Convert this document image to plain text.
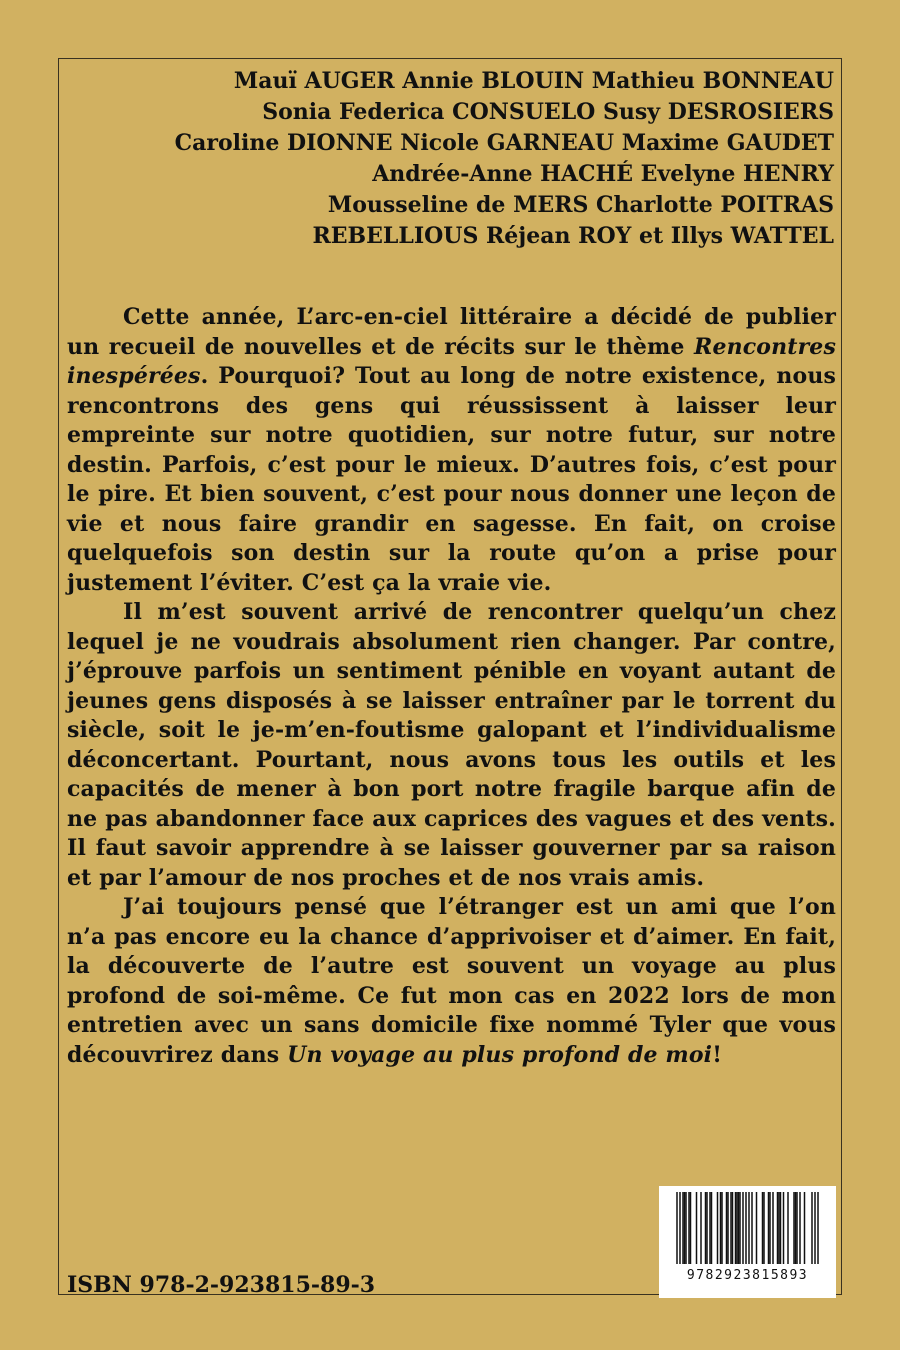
Mauï AUGER Annie BLOUIN Mathieu BONNEAU
Sonia Federica CONSUELO Susy DESROSIERS
Caroline DIONNE Nicole GARNEAU Maxime GAUDET
Andrée-Anne HACHÉ Evelyne HENRY
Mousseline de MERS Charlotte POITRAS
REBELLIOUS Réjean ROY et Illys WATTEL

Cette année, L’arc-en-ciel littéraire a décidé de publier un recueil de nouvelles et de récits sur le thème Rencontres inespérées. Pourquoi? Tout au long de notre existence, nous rencontrons des gens qui réussissent à laisser leur empreinte sur notre quotidien, sur notre futur, sur notre destin. Parfois, c’est pour le mieux. D’autres fois, c’est pour le pire. Et bien souvent, c’est pour nous donner une leçon de vie et nous faire grandir en sagesse. En fait, on croise quelquefois son destin sur la route qu’on a prise pour justement l’éviter. C’est ça la vraie vie.

Il m’est souvent arrivé de rencontrer quelqu’un chez lequel je ne voudrais absolument rien changer. Par contre, j’éprouve parfois un sentiment pénible en voyant autant de jeunes gens disposés à se laisser entraîner par le torrent du siècle, soit le je-m’en-foutisme galopant et l’individualisme déconcertant. Pourtant, nous avons tous les outils et les capacités de mener à bon port notre fragile barque afin de ne pas abandonner face aux caprices des vagues et des vents. Il faut savoir apprendre à se laisser gouverner par sa raison et par l’amour de nos proches et de nos vrais amis.

J’ai toujours pensé que l’étranger est un ami que l’on n’a pas encore eu la chance d’apprivoiser et d’aimer. En fait, la découverte de l’autre est souvent un voyage au plus profond de soi-même. Ce fut mon cas en 2022 lors de mon entretien avec un sans domicile fixe nommé Tyler que vous découvrirez dans Un voyage au plus profond de moi!

ISBN 978-2-923815-89-3	9782923815893
